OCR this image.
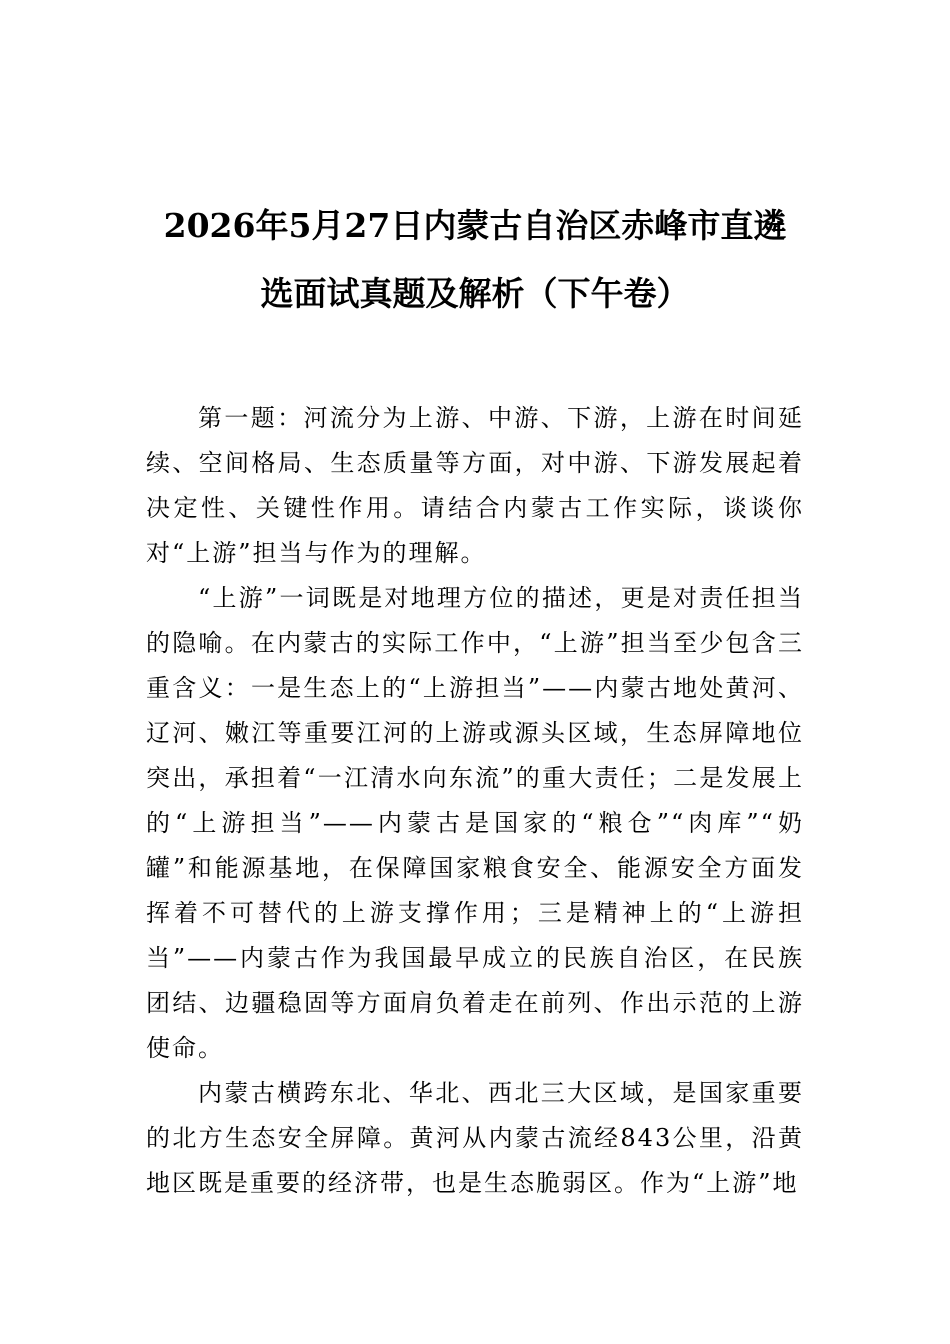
2026年5月27日内蒙古自治区赤峰市直遴
选面试真题及解析（下午卷）

第一题：河流分为上游、中游、下游，上游在时间延续、空间格局、生态质量等方面，对中游、下游发展起着决定性、关键性作用。请结合内蒙古工作实际，谈谈你对“上游”担当与作为的理解。

“上游”一词既是对地理方位的描述，更是对责任担当的隐喻。在内蒙古的实际工作中，“上游”担当至少包含三重含义：一是生态上的“上游担当”——内蒙古地处黄河、辽河、嫩江等重要江河的上游或源头区域，生态屏障地位突出，承担着“一江清水向东流”的重大责任；二是发展上的“上游担当”——内蒙古是国家的“粮仓”“肉库”“奶罐”和能源基地，在保障国家粮食安全、能源安全方面发挥着不可替代的上游支撑作用；三是精神上的“上游担当”——内蒙古作为我国最早成立的民族自治区，在民族团结、边疆稳固等方面肩负着走在前列、作出示范的上游使命。

内蒙古横跨东北、华北、西北三大区域，是国家重要的北方生态安全屏障。黄河从内蒙古流经843公里，沿黄地区既是重要的经济带，也是生态脆弱区。作为“上游”地
